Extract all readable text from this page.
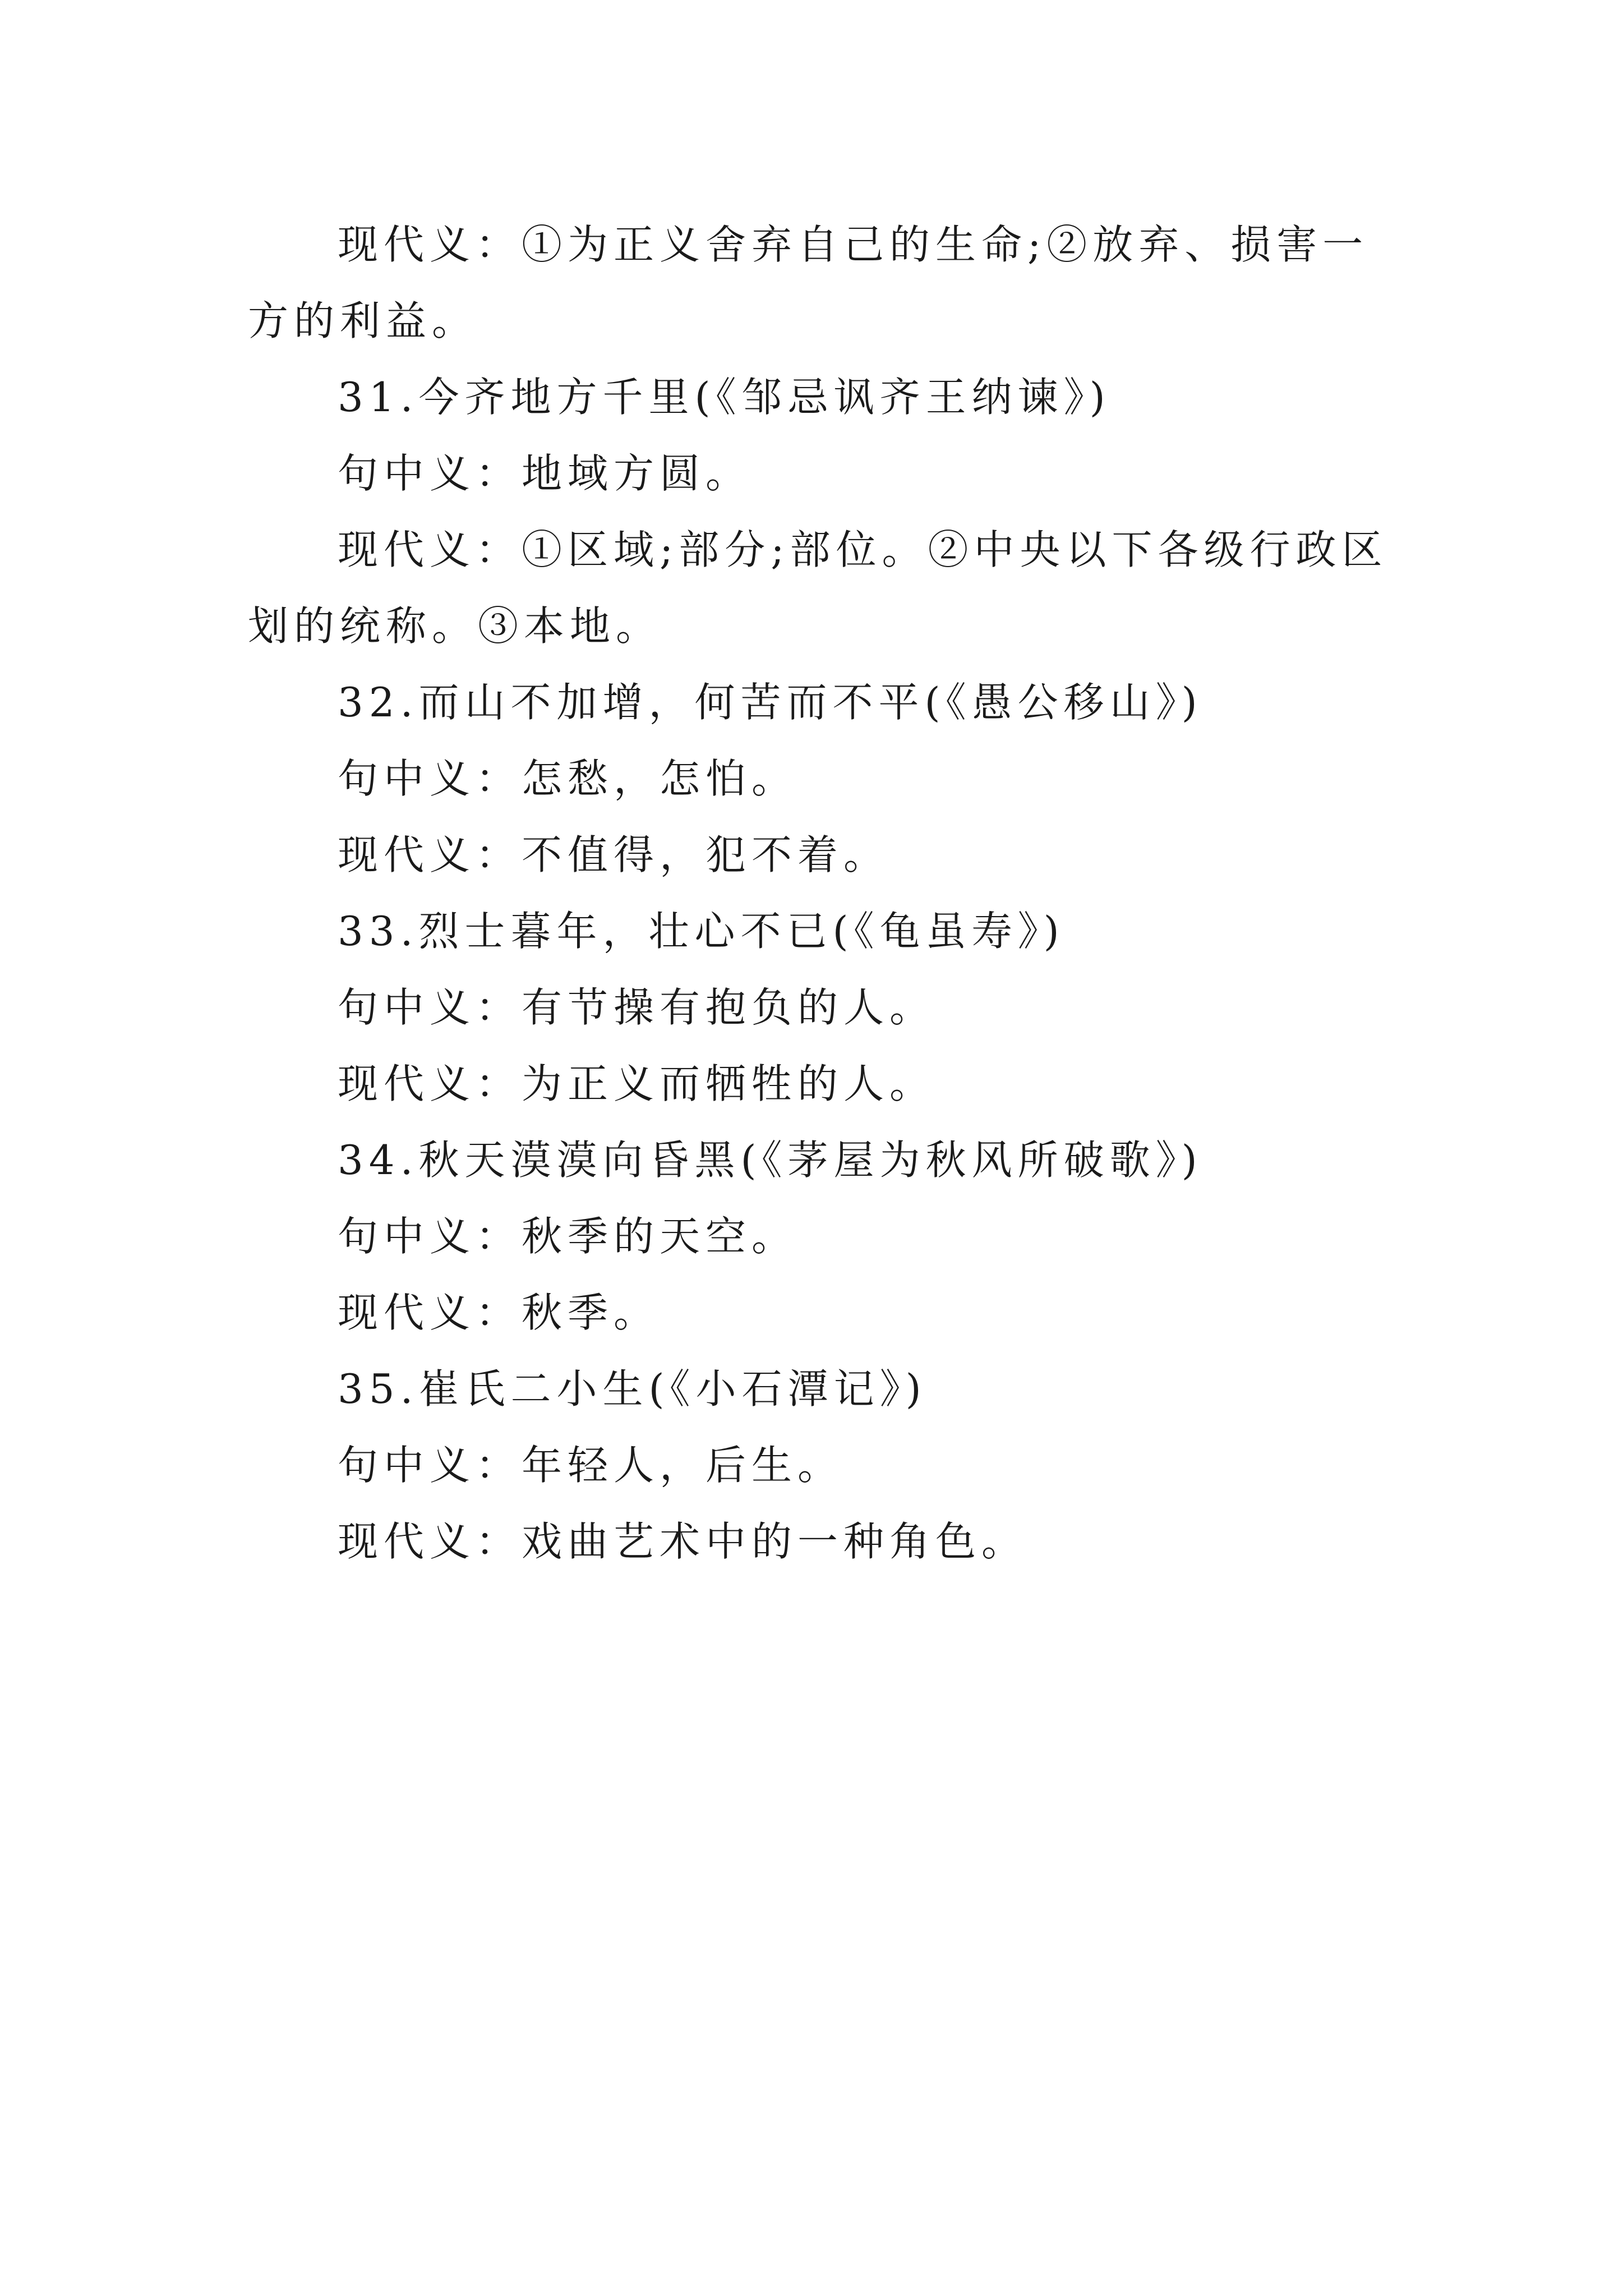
现代义：①为正义舍弃自己的生命;②放弃、损害一方的利益。

31.今齐地方千里(《邹忌讽齐王纳谏》)

句中义：地域方圆。

现代义：①区域;部分;部位。②中央以下各级行政区划的统称。③本地。

32.而山不加增，何苦而不平(《愚公移山》)

句中义：怎愁，怎怕。

现代义：不值得，犯不着。

33.烈士暮年，壮心不已(《龟虽寿》)

句中义：有节操有抱负的人。

现代义：为正义而牺牲的人。

34.秋天漠漠向昏黑(《茅屋为秋风所破歌》)

句中义：秋季的天空。

现代义：秋季。

35.崔氏二小生(《小石潭记》)

句中义：年轻人，后生。

现代义：戏曲艺术中的一种角色。
